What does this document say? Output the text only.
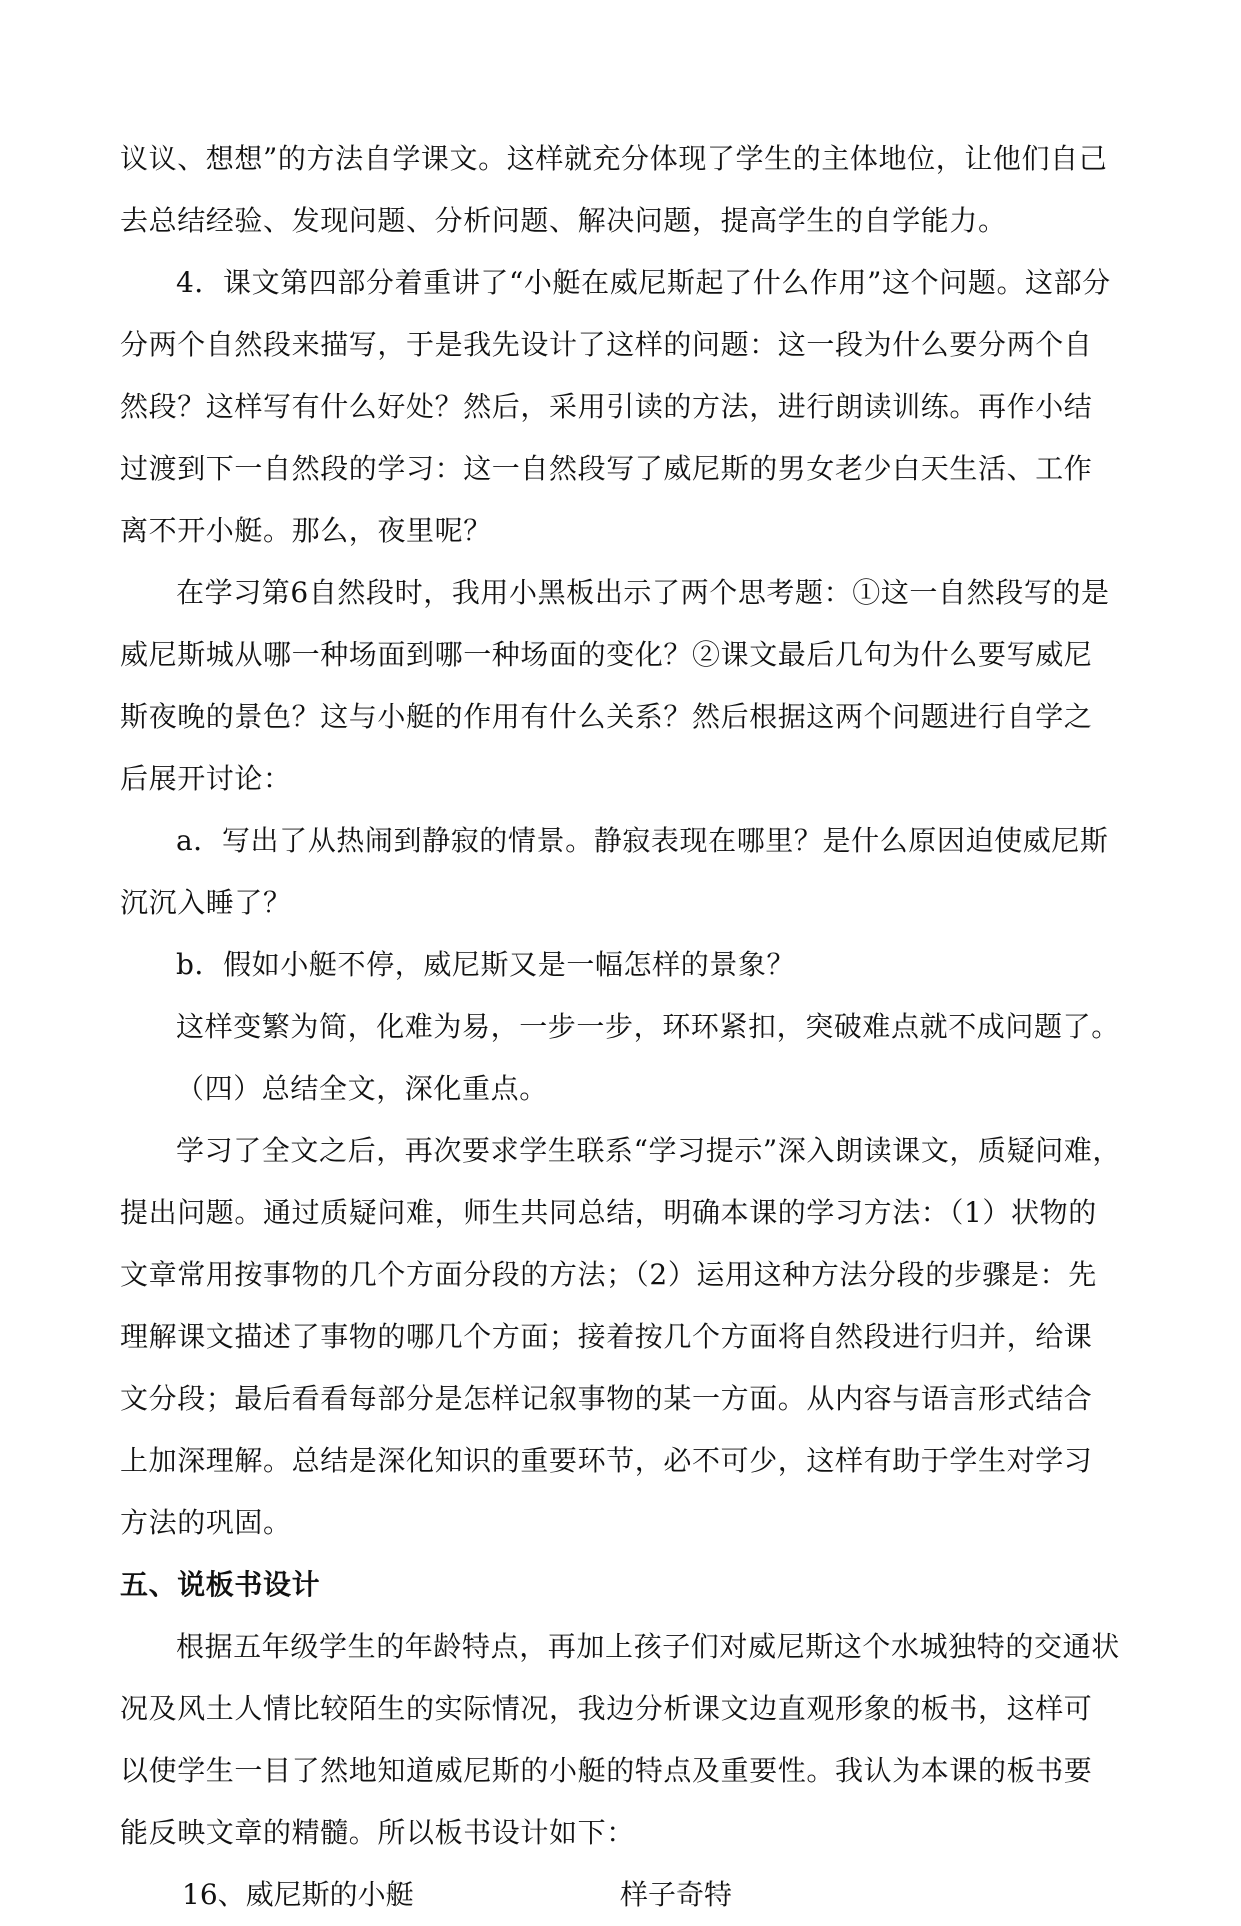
议议、想想”的方法自学课文。这样就充分体现了学生的主体地位，让他们自己
去总结经验、发现问题、分析问题、解决问题，提高学生的自学能力。
4．课文第四部分着重讲了“小艇在威尼斯起了什么作用”这个问题。这部分
分两个自然段来描写，于是我先设计了这样的问题：这一段为什么要分两个自
然段？这样写有什么好处？然后，采用引读的方法，进行朗读训练。再作小结
过渡到下一自然段的学习：这一自然段写了威尼斯的男女老少白天生活、工作
离不开小艇。那么，夜里呢？
在学习第6自然段时，我用小黑板出示了两个思考题：①这一自然段写的是
威尼斯城从哪一种场面到哪一种场面的变化？②课文最后几句为什么要写威尼
斯夜晚的景色？这与小艇的作用有什么关系？然后根据这两个问题进行自学之
后展开讨论：
a．写出了从热闹到静寂的情景。静寂表现在哪里？是什么原因迫使威尼斯
沉沉入睡了？
b．假如小艇不停，威尼斯又是一幅怎样的景象？
这样变繁为简，化难为易，一步一步，环环紧扣，突破难点就不成问题了。
（四）总结全文，深化重点。
学习了全文之后，再次要求学生联系“学习提示”深入朗读课文，质疑问难，
提出问题。通过质疑问难，师生共同总结，明确本课的学习方法：（1）状物的
文章常用按事物的几个方面分段的方法；（2）运用这种方法分段的步骤是：先
理解课文描述了事物的哪几个方面；接着按几个方面将自然段进行归并，给课
文分段；最后看看每部分是怎样记叙事物的某一方面。从内容与语言形式结合
上加深理解。总结是深化知识的重要环节，必不可少，这样有助于学生对学习
方法的巩固。
五、说板书设计
根据五年级学生的年龄特点，再加上孩子们对威尼斯这个水城独特的交通状
况及风土人情比较陌生的实际情况，我边分析课文边直观形象的板书，这样可
以使学生一目了然地知道威尼斯的小艇的特点及重要性。我认为本课的板书要
能反映文章的精髓。所以板书设计如下：
16、威尼斯的小艇	样子奇特
